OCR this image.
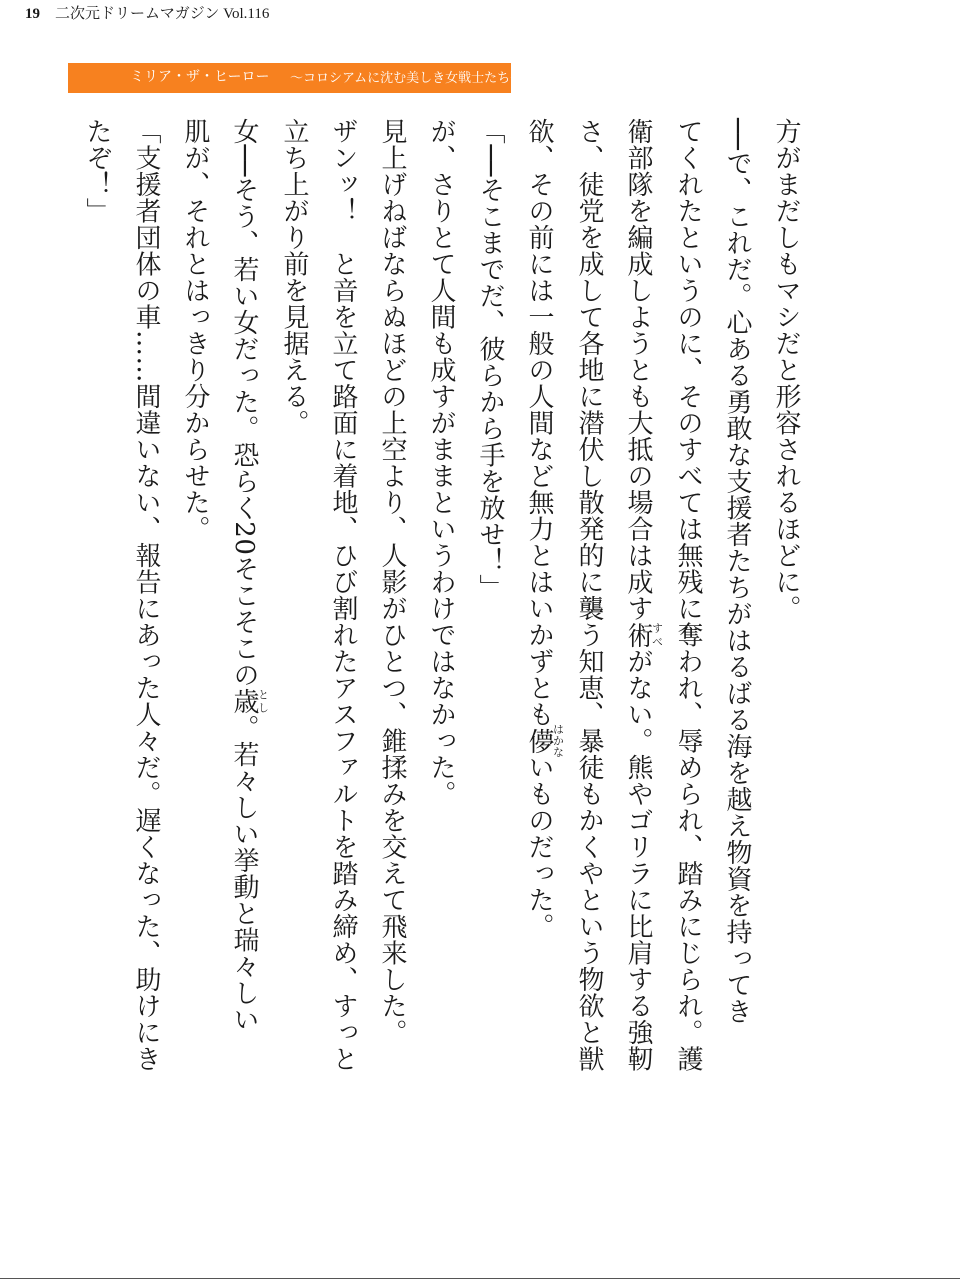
19 二次元ドリームマガジン Vol.116
ミリア・ザ・ヒーロー 〜コロシアムに沈む美しき女戦士たち〜

方がまだしもマシだと形容されるほどに。

──で、これだ。心ある勇敢な支援者たちがはるばる海を越え物資を持ってき

てくれたというのに、そのすべては無残に奪われ、辱められ、踏みにじられ。護

衛部隊を編成しようとも大抵の場合は成す術すべがない。熊やゴリラに比肩する強靭

さ、徒党を成して各地に潜伏し散発的に襲う知恵、暴徒もかくやという物欲と獣

欲、その前には一般の人間など無力とはいかずとも儚はかないものだった。

「──そこまでだ、彼らから手を放せ！」

が、さりとて人間も成すがままというわけではなかった。

見上げねばならぬほどの上空より、人影がひとつ、錐揉みを交えて飛来した。

ザンッ！　と音を立て路面に着地、ひび割れたアスファルトを踏み締め、すっと

立ち上がり前を見据える。

女──そう、若い女だった。恐らく20そこそこの歳とし。若々しい挙動と瑞々しい

肌が、それとはっきり分からせた。

「支援者団体の車……間違いない、報告にあった人々だ。遅くなった、助けにき

たぞ！」
